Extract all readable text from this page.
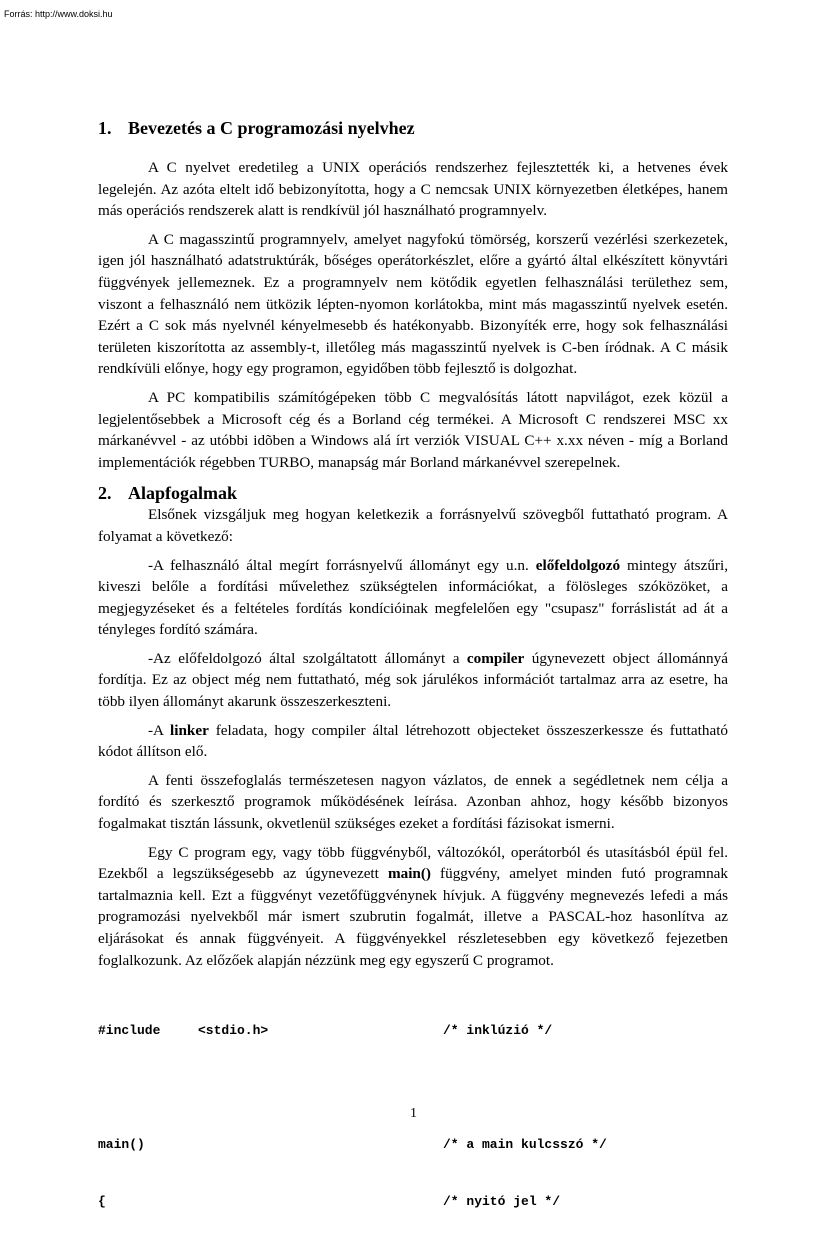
Forrás: http://www.doksi.hu
1. Bevezetés a C programozási nyelvhez

A C nyelvet eredetileg a UNIX operációs rendszerhez fejlesztették ki, a hetvenes évek legelején. Az azóta eltelt idő bebizonyította, hogy a C nemcsak UNIX környezetben életképes, hanem más operációs rendszerek alatt is rendkívül jól használható programnyelv.

A C magasszintű programnyelv, amelyet nagyfokú tömörség, korszerű vezérlési szerkezetek, igen jól használható adatstruktúrák, bőséges operátorkészlet, előre a gyártó által elkészített könyvtári függvények jellemeznek. Ez a programnyelv nem kötődik egyetlen felhasználási területhez sem, viszont a felhasználó nem ütközik lépten-nyomon korlátokba, mint más magasszintű nyelvek esetén. Ezért a C sok más nyelvnél kényelmesebb és hatékonyabb. Bizonyíték erre, hogy sok felhasználási területen kiszorította az assembly-t, illetőleg más magasszintű nyelvek is C-ben íródnak. A C másik rendkívüli előnye, hogy egy programon, egyidőben több fejlesztő is dolgozhat.

A PC kompatibilis számítógépeken több C megvalósítás látott napvilágot, ezek közül a legjelentősebbek a Microsoft cég és a Borland cég termékei. A Microsoft C rendszerei MSC xx márkanévvel - az utóbbi idõben a Windows alá írt verziók VISUAL C++ x.xx néven - míg a Borland implementációk régebben TURBO, manapság már Borland márkanévvel szerepelnek.

2. Alapfogalmak

Elsőnek vizsgáljuk meg hogyan keletkezik a forrásnyelvű szövegből futtatható program. A folyamat a következő:

-A felhasználó által megírt forrásnyelvű állományt egy u.n. előfeldolgozó mintegy átszűri, kiveszi belőle a fordítási művelethez szükségtelen információkat, a fölösleges szóközöket, a megjegyzéseket és a feltételes fordítás kondícióinak megfelelően egy "csupasz" forráslistát ad át a tényleges fordító számára.

-Az előfeldolgozó által szolgáltatott állományt a compiler úgynevezett object állománnyá fordítja. Ez az object még nem futtatható, még sok járulékos információt tartalmaz arra az esetre, ha több ilyen állományt akarunk összeszerkeszteni.

-A linker feladata, hogy compiler által létrehozott objecteket összeszerkessze és futtatható kódot állítson elő.

A fenti összefoglalás természetesen nagyon vázlatos, de ennek a segédletnek nem célja a fordító és szerkesztő programok működésének leírása. Azonban ahhoz, hogy később bizonyos fogalmakat tisztán lássunk, okvetlenül szükséges ezeket a fordítási fázisokat ismerni.

Egy C program egy, vagy több függvényből, változókól, operátorból és utasításból épül fel. Ezekből a legszükségesebb az úgynevezett main() függvény, amelyet minden futó programnak tartalmaznia kell. Ezt a függvényt vezetőfüggvénynek hívjuk. A függvény megnevezés lefedi a más programozási nyelvekből már ismert szubrutin fogalmát, illetve a PASCAL-hoz hasonlítva az eljárásokat és annak függvényeit. A függvényekkel részletesebben egy következő fejezetben foglalkozunk. Az előzőek alapján nézzünk meg egy egyszerű C programot.

#include	<stdio.h>	/* inklúzió */

main()	/* a main kulcsszó */

{	/* nyitó jel */

1
